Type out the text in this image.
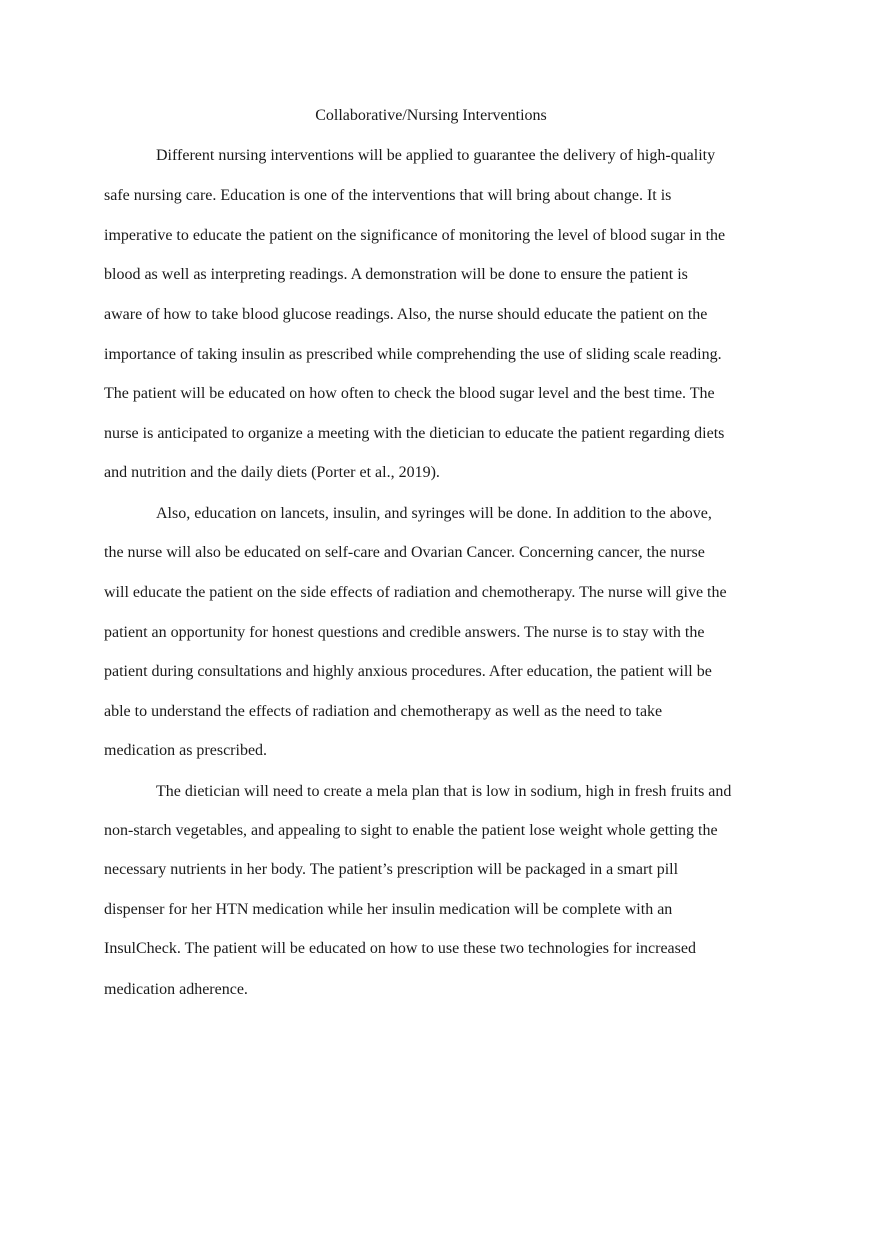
Collaborative/Nursing Interventions

Different nursing interventions will be applied to guarantee the delivery of high-quality

safe nursing care. Education is one of the interventions that will bring about change. It is

imperative to educate the patient on the significance of monitoring the level of blood sugar in the

blood as well as interpreting readings. A demonstration will be done to ensure the patient is

aware of how to take blood glucose readings. Also, the nurse should educate the patient on the

importance of taking insulin as prescribed while comprehending the use of sliding scale reading.

The patient will be educated on how often to check the blood sugar level and the best time. The

nurse is anticipated to organize a meeting with the dietician to educate the patient regarding diets

and nutrition and the daily diets (Porter et al., 2019).

Also, education on lancets, insulin, and syringes will be done. In addition to the above,

the nurse will also be educated on self-care and Ovarian Cancer. Concerning cancer, the nurse

will educate the patient on the side effects of radiation and chemotherapy. The nurse will give the

patient an opportunity for honest questions and credible answers. The nurse is to stay with the

patient during consultations and highly anxious procedures. After education, the patient will be

able to understand the effects of radiation and chemotherapy as well as the need to take

medication as prescribed.

The dietician will need to create a mela plan that is low in sodium, high in fresh fruits and

non-starch vegetables, and appealing to sight to enable the patient lose weight whole getting the

necessary nutrients in her body. The patient’s prescription will be packaged in a smart pill

dispenser for her HTN medication while her insulin medication will be complete with an

InsulCheck. The patient will be educated on how to use these two technologies for increased

medication adherence.
